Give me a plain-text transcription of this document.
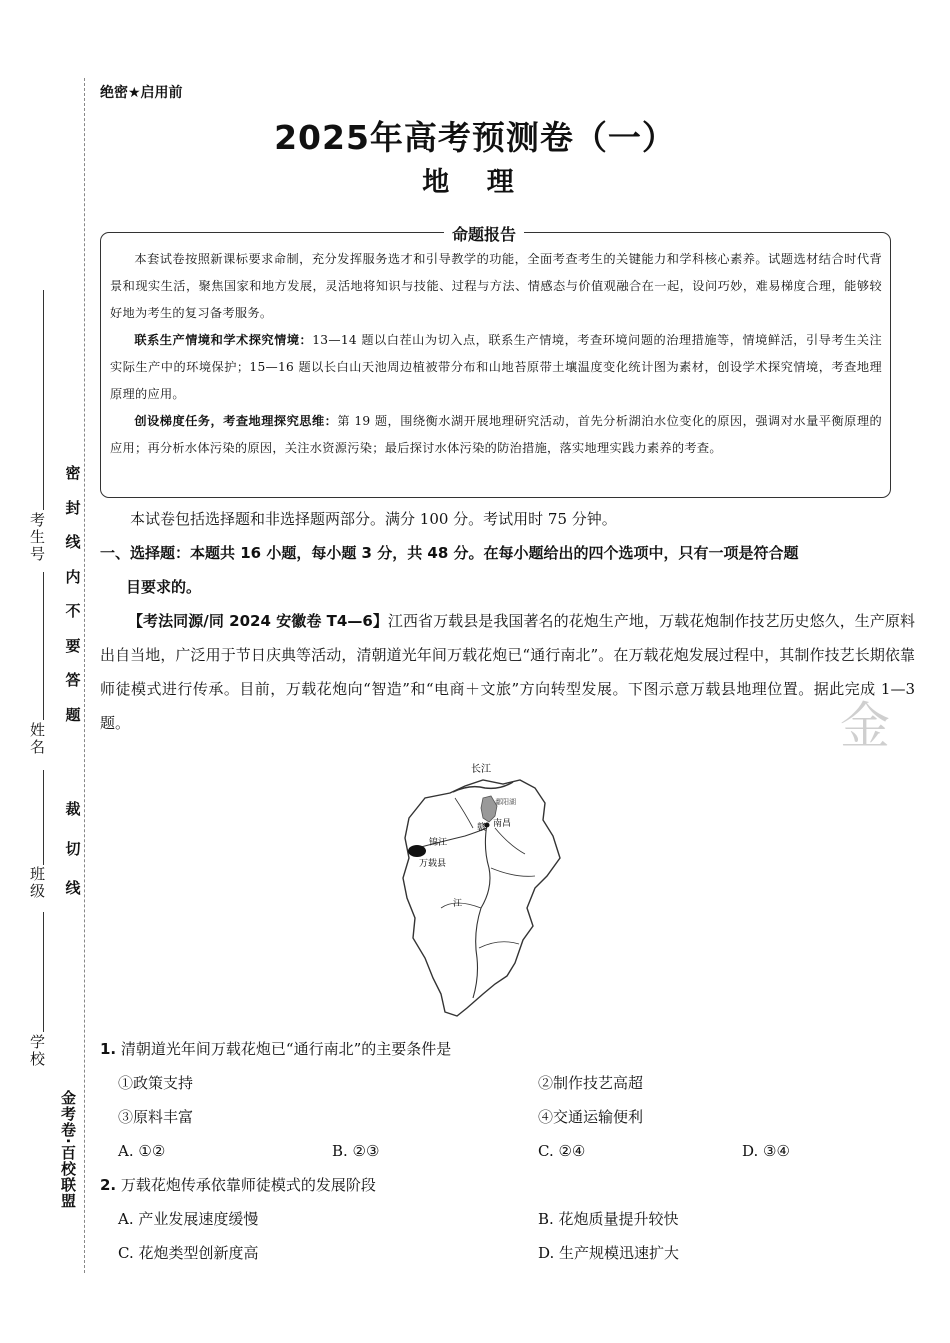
密
封
线
内
不
要
答
题
裁
切
线
考生号
姓名
班级
学校
金考卷·百校联盟
绝密★启用前
2025年高考预测卷（一）
地 理
命题报告

本套试卷按照新课标要求命制，充分发挥服务选才和引导教学的功能，全面考查考生的关键能力和学科核心素养。试题选材结合时代背景和现实生活，聚焦国家和地方发展，灵活地将知识与技能、过程与方法、情感态与价值观融合在一起，设问巧妙，难易梯度合理，能够较好地为考生的复习备考服务。

联系生产情境和学术探究情境：13—14 题以白茬山为切入点，联系生产情境，考查环境问题的治理措施等，情境鲜活，引导考生关注实际生产中的环境保护；15—16 题以长白山天池周边植被带分布和山地苔原带土壤温度变化统计图为素材，创设学术探究情境，考查地理原理的应用。

创设梯度任务，考查地理探究思维：第 19 题，围绕衡水湖开展地理研究活动，首先分析湖泊水位变化的原因，强调对水量平衡原理的应用；再分析水体污染的原因，关注水资源污染；最后探讨水体污染的防治措施，落实地理实践力素养的考查。

本试卷包括选择题和非选择题两部分。满分 100 分。考试用时 75 分钟。
一、选择题：本题共 16 小题，每小题 3 分，共 48 分。在每小题给出的四个选项中，只有一项是符合题
目要求的。
【考法同源/同 2024 安徽卷 T4—6】江西省万载县是我国著名的花炮生产地，万载花炮制作技艺历史悠久，生产原料出自当地，广泛用于节日庆典等活动，清朝道光年间万载花炮已“通行南北”。在万载花炮发展过程中，其制作技艺长期依靠师徒模式进行传承。目前，万载花炮向“智造”和“电商＋文旅”方向转型发展。下图示意万载县地理位置。据此完成 1—3 题。	金
长江
南昌
赣
锦江
万载县
江
鄱阳湖
1. 清朝道光年间万载花炮已“通行南北”的主要条件是
①政策支持	②制作技艺高超
③原料丰富	④交通运输便利
A. ①②	B. ②③	C. ②④	D. ③④
2. 万载花炮传承依靠师徒模式的发展阶段
A. 产业发展速度缓慢	B. 花炮质量提升较快
C. 花炮类型创新度高	D. 生产规模迅速扩大
